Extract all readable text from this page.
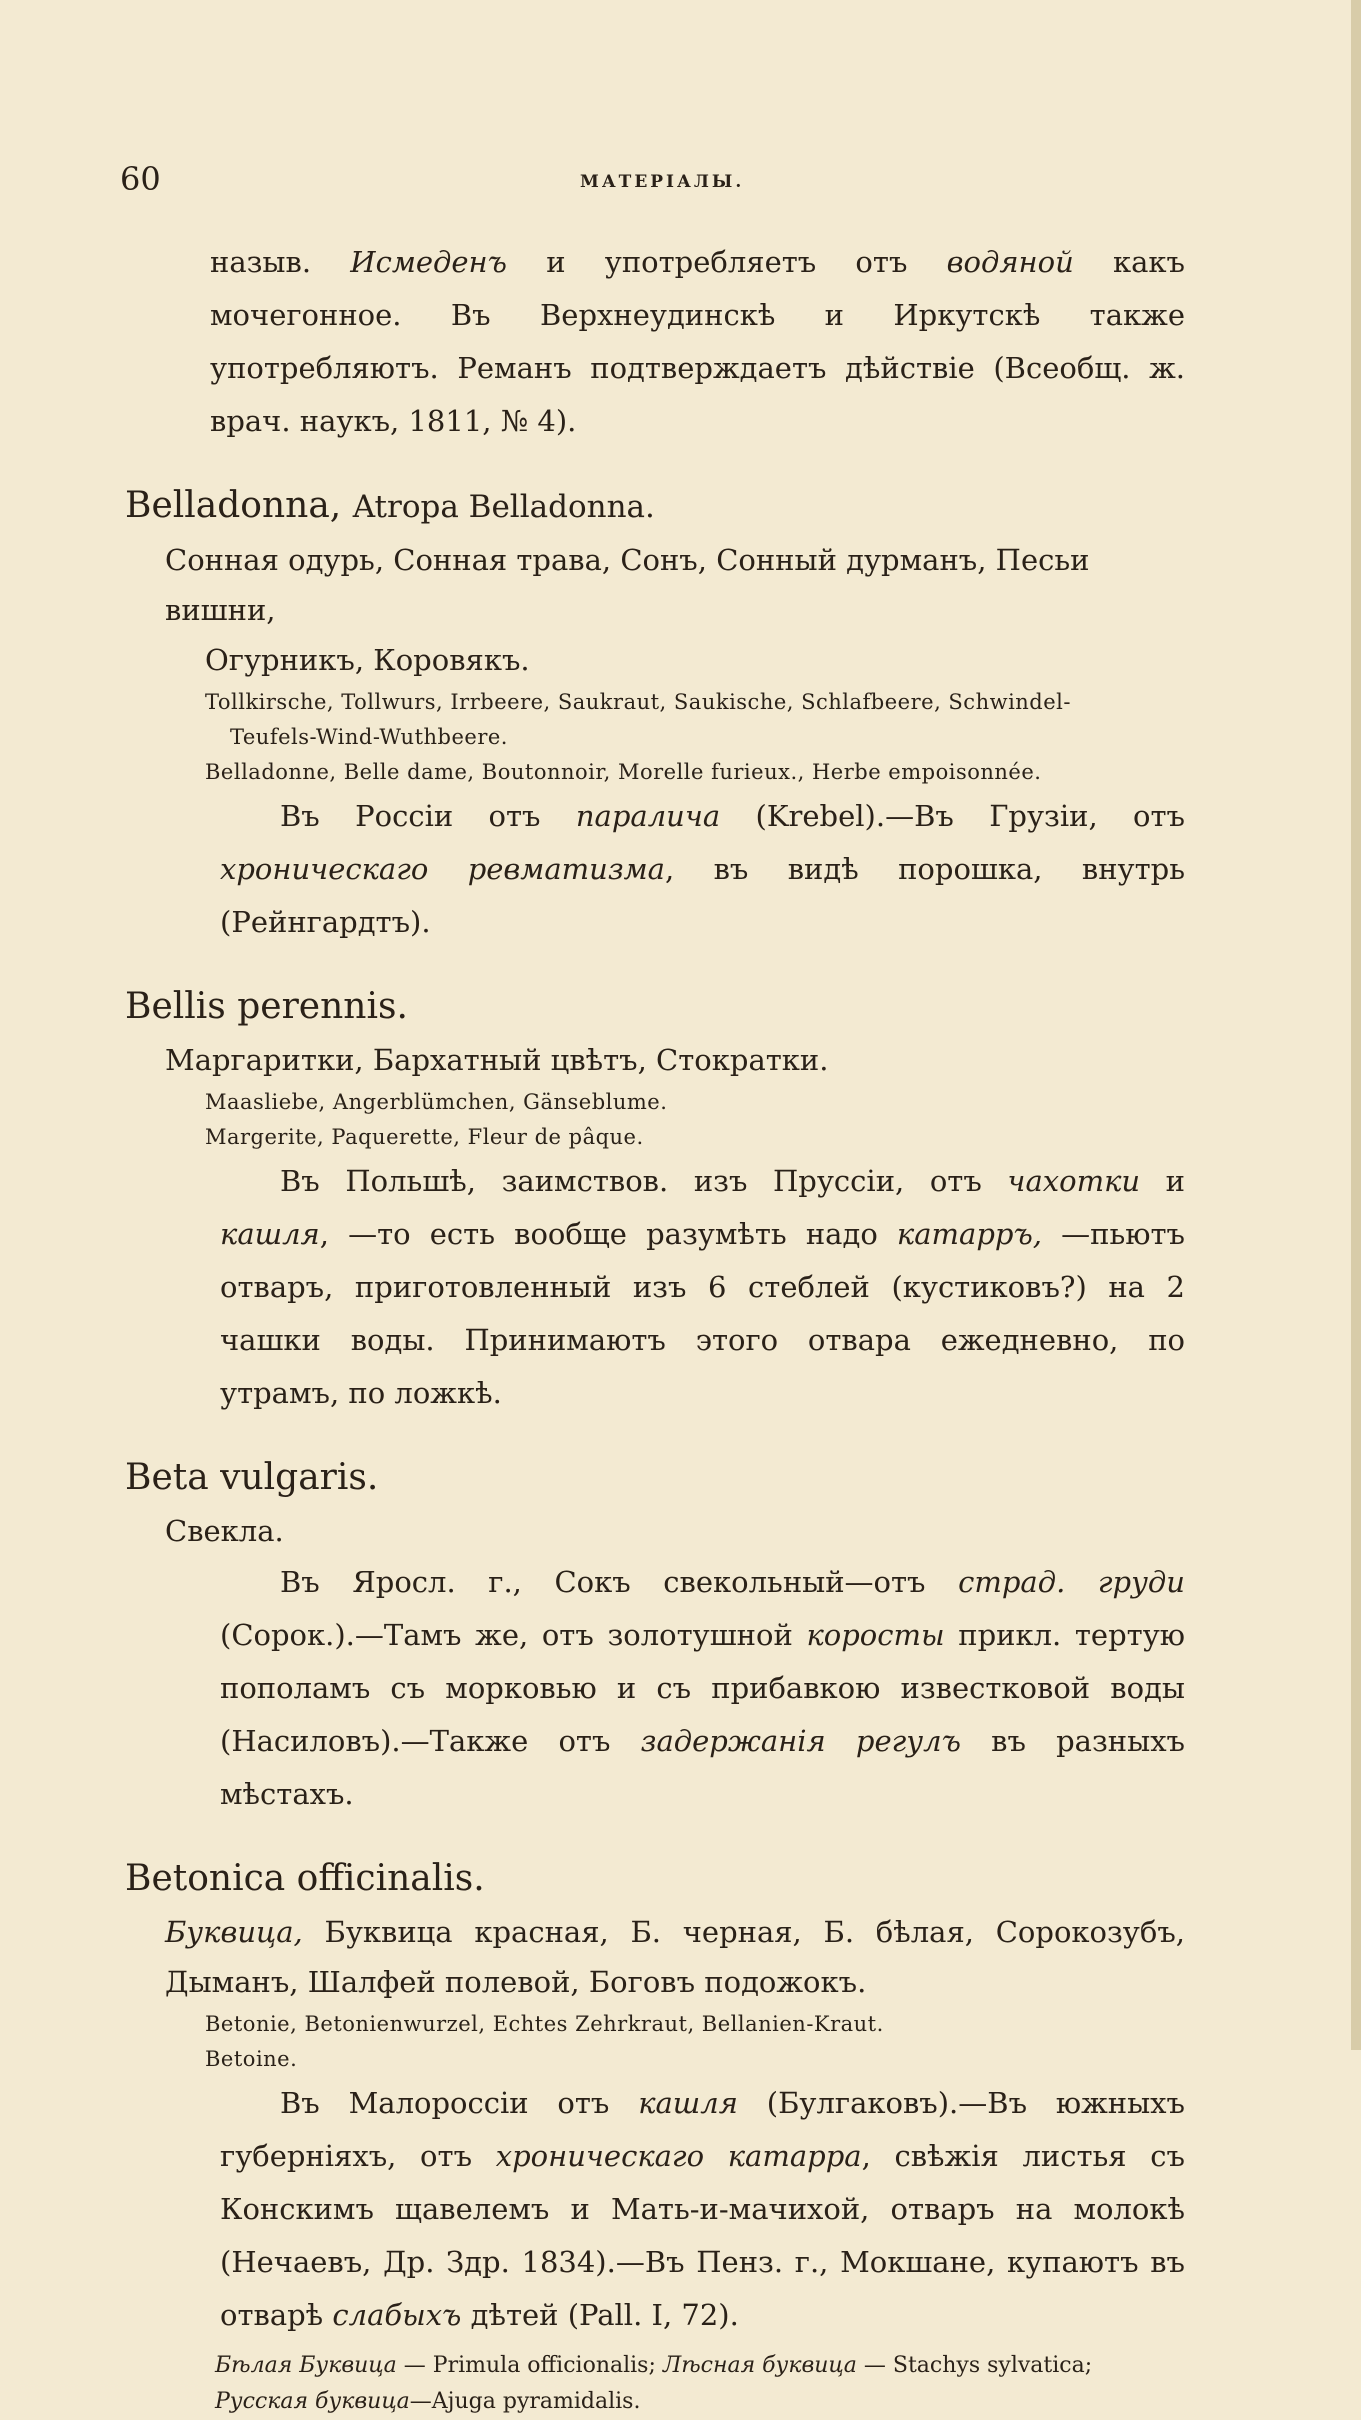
60	МАТЕРIАЛЫ.

назыв. Исмеденъ и употребляетъ отъ водяной какъ мочегонное. Въ Верхнеудинскѣ и Иркутскѣ также употребляютъ. Реманъ подтверждаетъ дѣйствiе (Всеобщ. ж. врач. наукъ, 1811, № 4).

Belladonna, Atropa Belladonna.

Сонная одурь, Сонная трава, Сонъ, Сонный дурманъ, Песьи вишни,
Огурникъ, Коровякъ.

Tollkirsche, Tollwurs, Irrbeere, Saukraut, Saukische, Schlafbeere, Schwindel-
Teufels-Wind-Wuthbeere.

Belladonne, Belle dame, Boutonnoir, Morelle furieux., Herbe empoisonnée.

Въ Россiи отъ паралича (Krebel).—Въ Грузiи, отъ хроническаго ревматизма, въ видѣ порошка, внутрь (Рейнгардтъ).

Bellis perennis.

Маргаритки, Бархатный цвѣтъ, Стократки.

Maasliebe, Angerblümchen, Gänseblume.

Margerite, Paquerette, Fleur de pâque.

Въ Польшѣ, заимствов. изъ Пруссiи, отъ чахотки и кашля, —то есть вообще разумѣть надо катарръ, —пьютъ отваръ, приготовленный изъ 6 стеблей (кустиковъ?) на 2 чашки воды. Принимаютъ этого отвара ежедневно, по утрамъ, по ложкѣ.

Beta vulgaris.

Свекла.

Въ Яросл. г., Сокъ свекольный—отъ страд. груди (Сорок.).—Тамъ же, отъ золотушной коросты прикл. тертую пополамъ съ морковью и съ прибавкою известковой воды (Насиловъ).—Также отъ задержанiя регулъ въ разныхъ мѣстахъ.

Betonica officinalis.

Буквица, Буквица красная, Б. черная, Б. бѣлая, Сорокозубъ, Дыманъ, Шалфей полевой, Боговъ подожокъ.

Betonie, Betonienwurzel, Echtes Zehrkraut, Bellanien-Kraut.

Betoine.

Въ Малороссiи отъ кашля (Булгаковъ).—Въ южныхъ губернiяхъ, отъ хроническаго катарра, свѣжiя листья съ Конскимъ щавелемъ и Мать-и-мачихой, отваръ на молокѣ (Нечаевъ, Др. Здр. 1834).—Въ Пенз. г., Мокшане, купаютъ въ отварѣ слабыхъ дѣтей (Pall. I, 72).

Бѣлая Буквица — Primula officionalis; Лѣсная буквица — Stachys sylvatica; Русская буквица—Ajuga pyramidalis.
